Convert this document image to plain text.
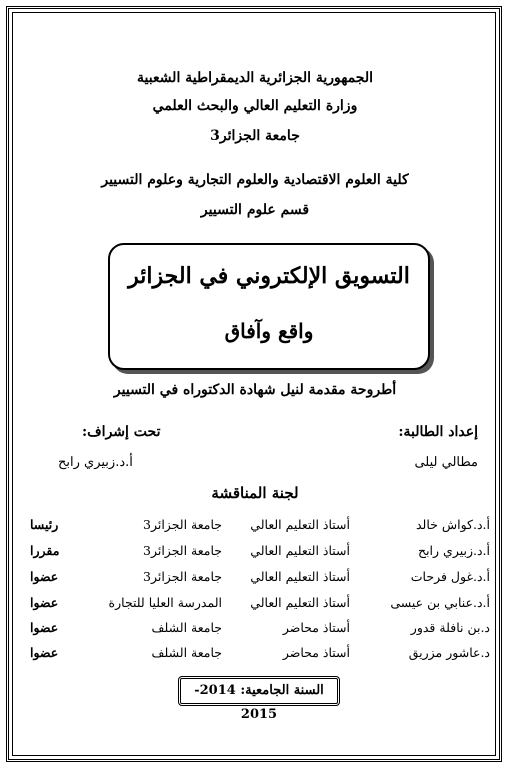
الجمهورية الجزائرية الديمقراطية الشعبية
وزارة التعليم العالي والبحث العلمي
جامعة الجزائر3
كلية العلوم الاقتصادية والعلوم التجارية وعلوم التسيير
قسم علوم التسيير
التسويق الإلكتروني في الجزائر
واقع وآفاق
أطروحة مقدمة لنيل شهادة الدكتوراه في التسيير
إعداد الطالبة:
مطالي ليلى
تحت إشراف:
أ.د.زبيري رابح
لجنة المناقشة
أ.د.كواش خالد
أستاذ التعليم العالي
جامعة الجزائر3
رئيسا
أ.د.زبيري رابح
أستاذ التعليم العالي
جامعة الجزائر3
مقررا
أ.د.غول فرحات
أستاذ التعليم العالي
جامعة الجزائر3
عضوا
أ.د.عنابي بن عيسى
أستاذ التعليم العالي
المدرسة العليا للتجارة
عضوا
د.بن نافلة قدور
أستاذ محاضر
جامعة الشلف
عضوا
د.عاشور مزريق
أستاذ محاضر
جامعة الشلف
عضوا
السنة الجامعية: 2014- 2015
